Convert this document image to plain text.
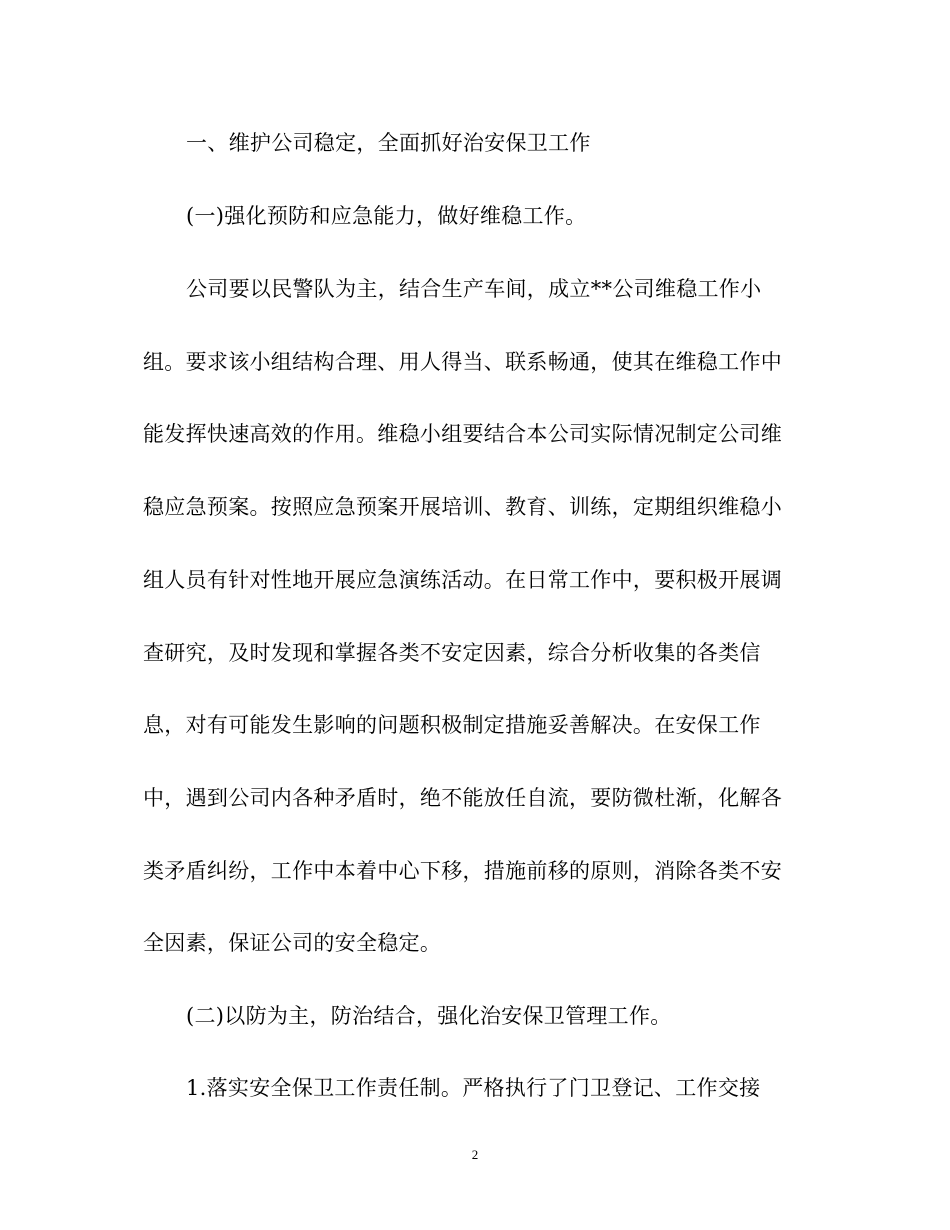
一、维护公司稳定，全面抓好治安保卫工作
(一)强化预防和应急能力，做好维稳工作。
公司要以民警队为主，结合生产车间，成立**公司维稳工作小
组。要求该小组结构合理、用人得当、联系畅通，使其在维稳工作中
能发挥快速高效的作用。维稳小组要结合本公司实际情况制定公司维
稳应急预案。按照应急预案开展培训、教育、训练，定期组织维稳小
组人员有针对性地开展应急演练活动。在日常工作中，要积极开展调
查研究，及时发现和掌握各类不安定因素，综合分析收集的各类信
息，对有可能发生影响的问题积极制定措施妥善解决。在安保工作
中，遇到公司内各种矛盾时，绝不能放任自流，要防微杜渐，化解各
类矛盾纠纷，工作中本着中心下移，措施前移的原则，消除各类不安
全因素，保证公司的安全稳定。
(二)以防为主，防治结合，强化治安保卫管理工作。
1.落实安全保卫工作责任制。严格执行了门卫登记、工作交接
2
